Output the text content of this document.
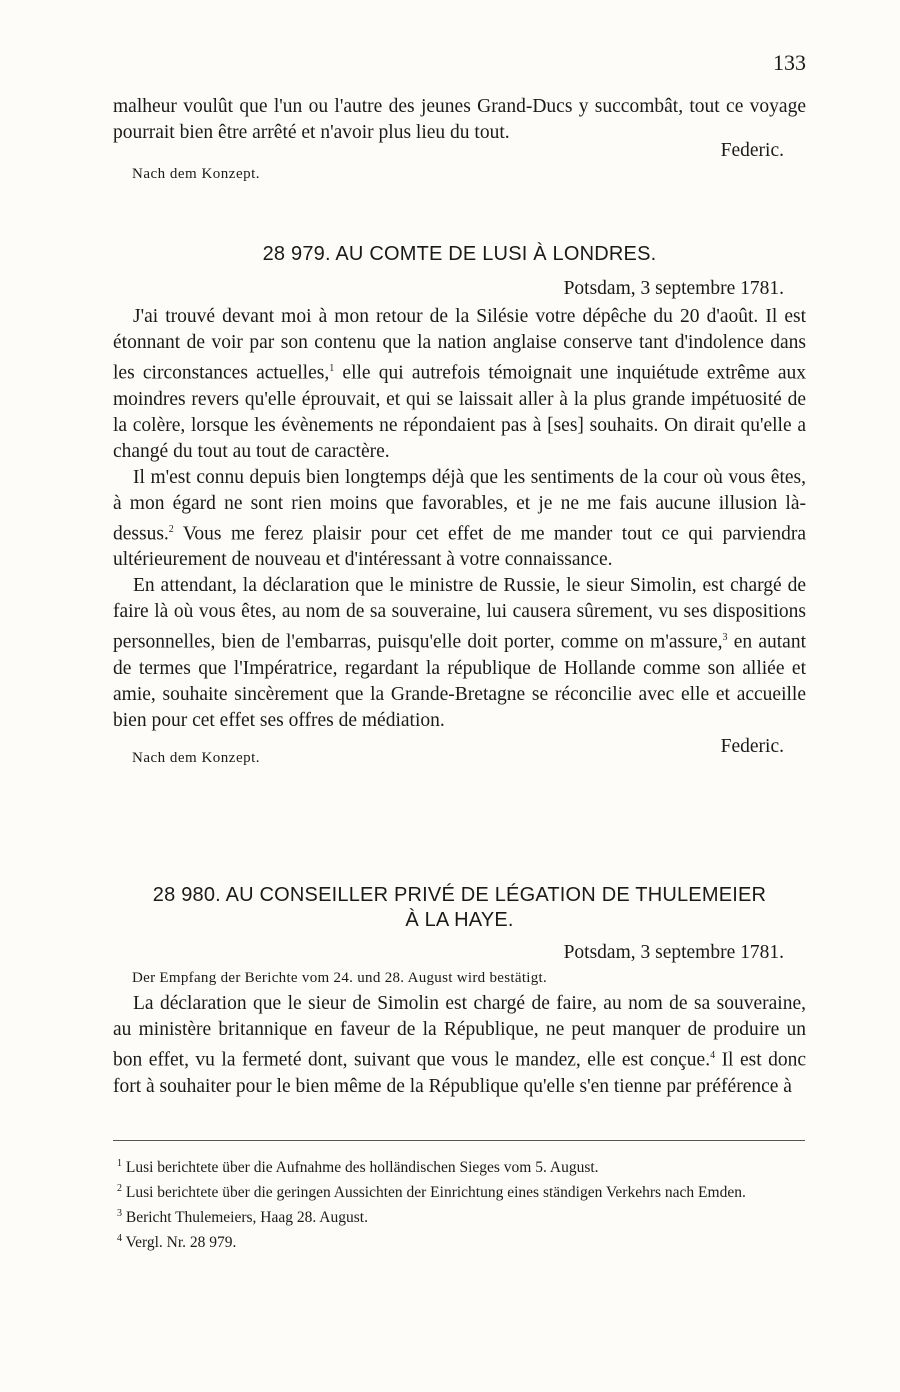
133

malheur voulût que l'un ou l'autre des jeunes Grand-Ducs y succombât, tout ce voyage pourrait bien être arrêté et n'avoir plus lieu du tout.

Federic.

Nach dem Konzept.

28 979. AU COMTE DE LUSI À LONDRES.

Potsdam, 3 septembre 1781.

J'ai trouvé devant moi à mon retour de la Silésie votre dépêche du 20 d'août. Il est étonnant de voir par son contenu que la nation anglaise conserve tant d'indolence dans les circonstances actuelles,$^1$ elle qui autrefois témoignait une inquiétude extrême aux moindres revers qu'elle éprouvait, et qui se laissait aller à la plus grande impétuosité de la colère, lorsque les évènements ne répondaient pas à [ses] souhaits. On dirait qu'elle a changé du tout au tout de caractère.

Il m'est connu depuis bien longtemps déjà que les sentiments de la cour où vous êtes, à mon égard ne sont rien moins que favorables, et je ne me fais aucune illusion là-dessus.$^2$ Vous me ferez plaisir pour cet effet de me mander tout ce qui parviendra ultérieurement de nouveau et d'intéressant à votre connaissance.

En attendant, la déclaration que le ministre de Russie, le sieur Simolin, est chargé de faire là où vous êtes, au nom de sa souveraine, lui causera sûrement, vu ses dispositions personnelles, bien de l'embarras, puisqu'elle doit porter, comme on m'assure,$^3$ en autant de termes que l'Impératrice, regardant la république de Hollande comme son alliée et amie, souhaite sincèrement que la Grande-Bretagne se réconcilie avec elle et accueille bien pour cet effet ses offres de médiation.

Federic.

Nach dem Konzept.

28 980. AU CONSEILLER PRIVÉ DE LÉGATION DE THULEMEIER

À LA HAYE.

Potsdam, 3 septembre 1781.

Der Empfang der Berichte vom 24. und 28. August wird bestätigt.

La déclaration que le sieur de Simolin est chargé de faire, au nom de sa souveraine, au ministère britannique en faveur de la République, ne peut manquer de produire un bon effet, vu la fermeté dont, suivant que vous le mandez, elle est conçue.$^4$ Il est donc fort à souhaiter pour le bien même de la République qu'elle s'en tienne par préférence à

$^1$ Lusi berichtete über die Aufnahme des holländischen Sieges vom 5. August.

$^2$ Lusi berichtete über die geringen Aussichten der Einrichtung eines ständigen Verkehrs nach Emden.

$^3$ Bericht Thulemeiers, Haag 28. August.

$^4$ Vergl. Nr. 28 979.
